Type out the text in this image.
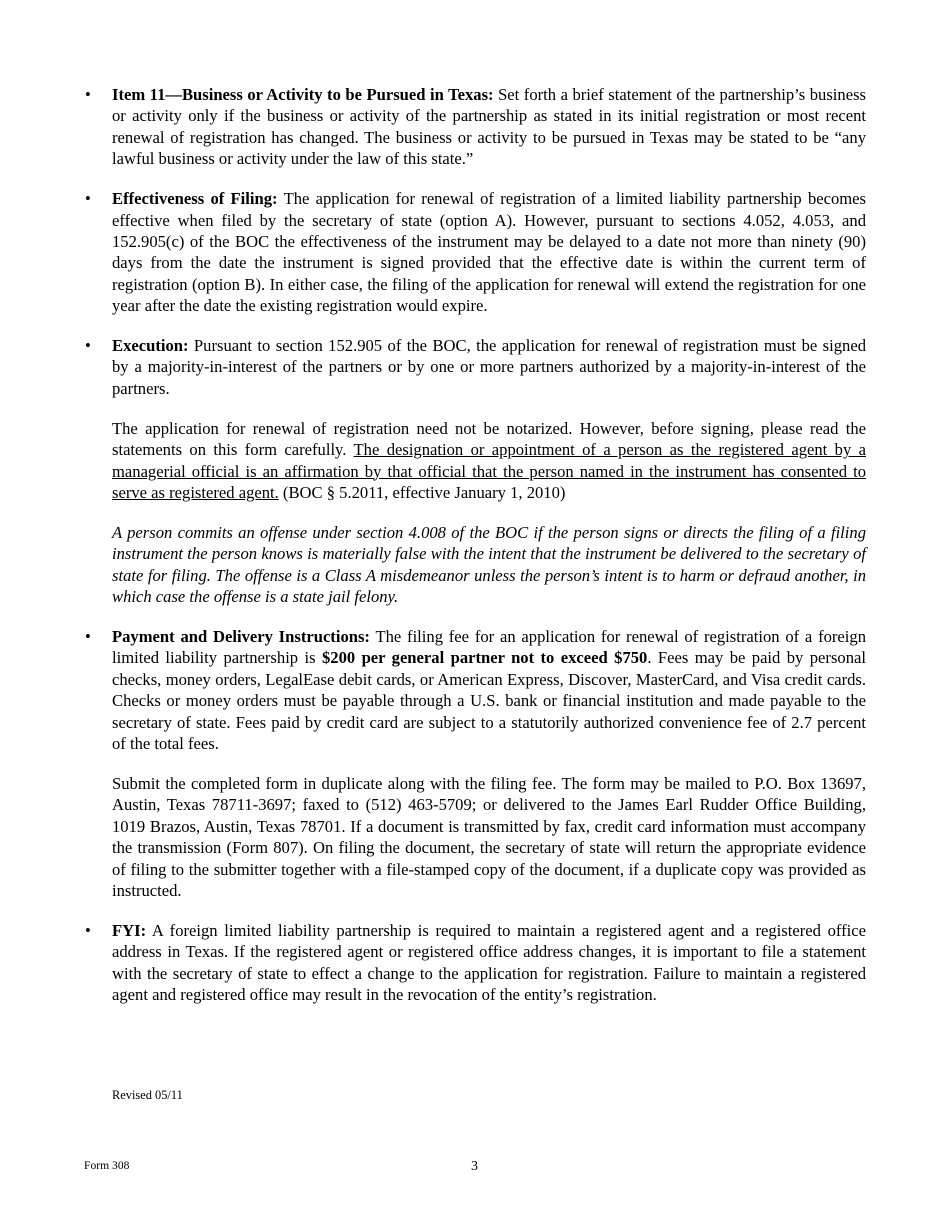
• Item 11—Business or Activity to be Pursued in Texas: Set forth a brief statement of the partnership’s business or activity only if the business or activity of the partnership as stated in its initial registration or most recent renewal of registration has changed. The business or activity to be pursued in Texas may be stated to be “any lawful business or activity under the law of this state.”
• Effectiveness of Filing: The application for renewal of registration of a limited liability partnership becomes effective when filed by the secretary of state (option A). However, pursuant to sections 4.052, 4.053, and 152.905(c) of the BOC the effectiveness of the instrument may be delayed to a date not more than ninety (90) days from the date the instrument is signed provided that the effective date is within the current term of registration (option B). In either case, the filing of the application for renewal will extend the registration for one year after the date the existing registration would expire.
• Execution: Pursuant to section 152.905 of the BOC, the application for renewal of registration must be signed by a majority-in-interest of the partners or by one or more partners authorized by a majority-in-interest of the partners.
The application for renewal of registration need not be notarized. However, before signing, please read the statements on this form carefully. The designation or appointment of a person as the registered agent by a managerial official is an affirmation by that official that the person named in the instrument has consented to serve as registered agent. (BOC § 5.2011, effective January 1, 2010)
A person commits an offense under section 4.008 of the BOC if the person signs or directs the filing of a filing instrument the person knows is materially false with the intent that the instrument be delivered to the secretary of state for filing. The offense is a Class A misdemeanor unless the person’s intent is to harm or defraud another, in which case the offense is a state jail felony.
• Payment and Delivery Instructions: The filing fee for an application for renewal of registration of a foreign limited liability partnership is $200 per general partner not to exceed $750. Fees may be paid by personal checks, money orders, LegalEase debit cards, or American Express, Discover, MasterCard, and Visa credit cards. Checks or money orders must be payable through a U.S. bank or financial institution and made payable to the secretary of state. Fees paid by credit card are subject to a statutorily authorized convenience fee of 2.7 percent of the total fees.
Submit the completed form in duplicate along with the filing fee. The form may be mailed to P.O. Box 13697, Austin, Texas 78711-3697; faxed to (512) 463-5709; or delivered to the James Earl Rudder Office Building, 1019 Brazos, Austin, Texas 78701. If a document is transmitted by fax, credit card information must accompany the transmission (Form 807). On filing the document, the secretary of state will return the appropriate evidence of filing to the submitter together with a file-stamped copy of the document, if a duplicate copy was provided as instructed.
• FYI: A foreign limited liability partnership is required to maintain a registered agent and a registered office address in Texas. If the registered agent or registered office address changes, it is important to file a statement with the secretary of state to effect a change to the application for registration. Failure to maintain a registered agent and registered office may result in the revocation of the entity’s registration.
Revised 05/11
Form 308	3
